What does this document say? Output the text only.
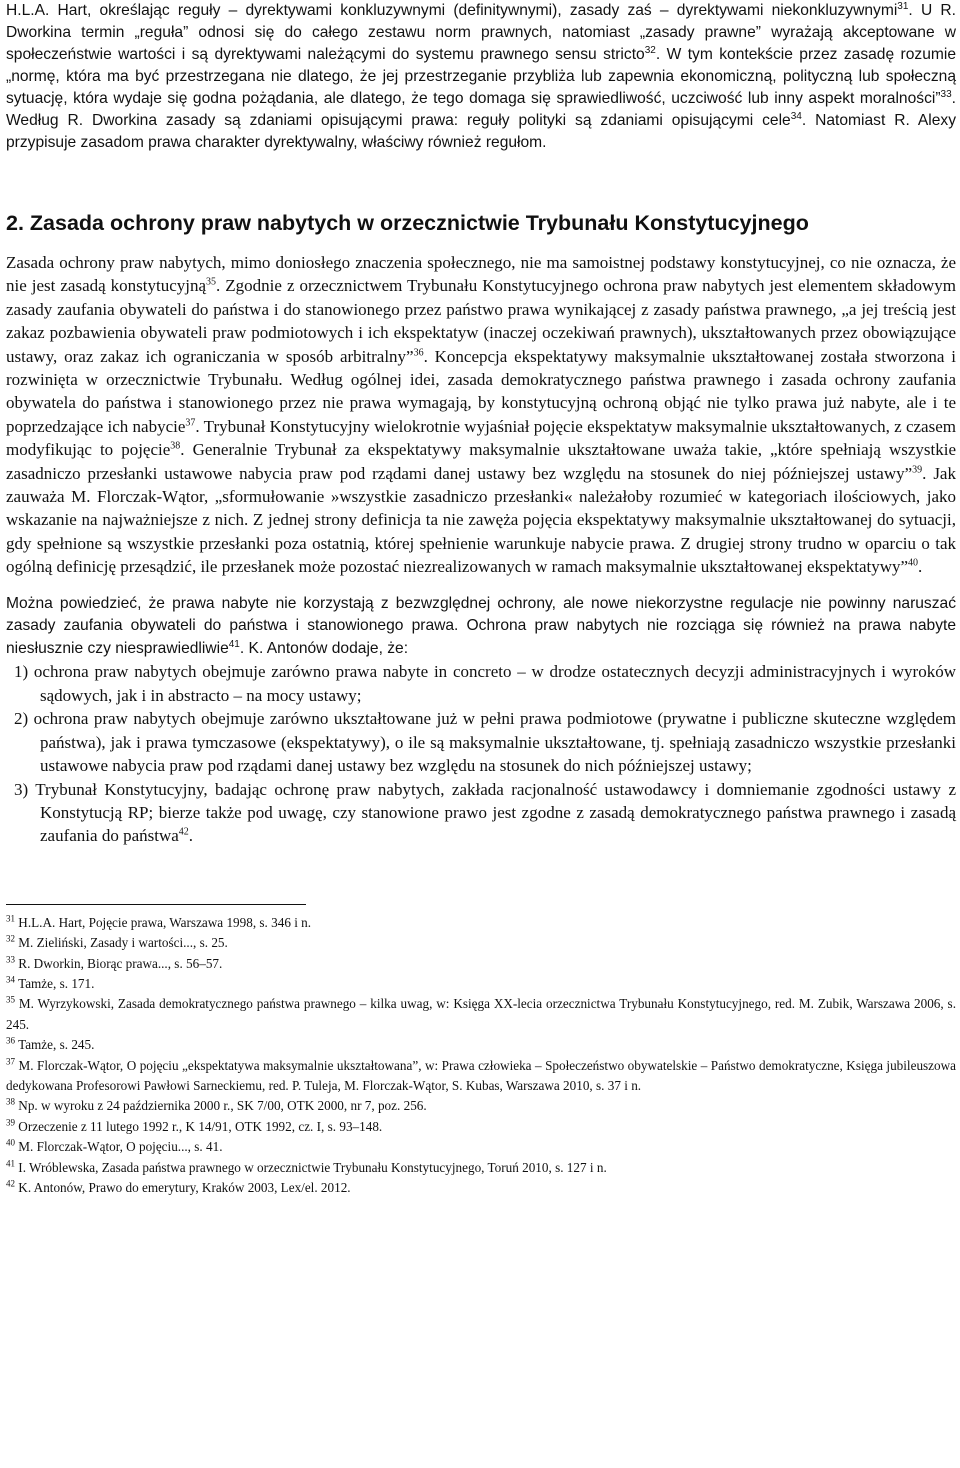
H.L.A. Hart, określając reguły – dyrektywami konkluzywnymi (definitywnymi), zasady zaś – dyrektywami niekonkluzywnymi$^{31}$. U R. Dworkina termin „reguła” odnosi się do całego zestawu norm prawnych, natomiast „zasady prawne” wyrażają akceptowane w społeczeństwie wartości i są dyrektywami należącymi do systemu prawnego sensu stricto$^{32}$. W tym kontekście przez zasadę rozumie „normę, która ma być przestrzegana nie dlatego, że jej przestrzeganie przybliża lub zapewnia ekonomiczną, polityczną lub społeczną sytuację, która wydaje się godna pożądania, ale dlatego, że tego domaga się sprawiedliwość, uczciwość lub inny aspekt moralności”$^{33}$. Według R. Dworkina zasady są zdaniami opisującymi prawa: reguły polityki są zdaniami opisującymi cele$^{34}$. Natomiast R. Alexy przypisuje zasadom prawa charakter dyrektywalny, właściwy również regułom.

2. Zasada ochrony praw nabytych w orzecznictwie Trybunału Konstytucyjnego

Zasada ochrony praw nabytych, mimo doniosłego znaczenia społecznego, nie ma samoistnej podstawy konstytucyjnej, co nie oznacza, że nie jest zasadą konstytucyjną$^{35}$. Zgodnie z orzecznictwem Trybunału Konstytucyjnego ochrona praw nabytych jest elementem składowym zasady zaufania obywateli do państwa i do stanowionego przez państwo prawa wynikającej z zasady państwa prawnego, „a jej treścią jest zakaz pozbawienia obywateli praw podmiotowych i ich ekspektatyw (inaczej oczekiwań prawnych), ukształtowanych przez obowiązujące ustawy, oraz zakaz ich ograniczania w sposób arbitralny”$^{36}$. Koncepcja ekspektatywy maksymalnie ukształtowanej została stworzona i rozwinięta w orzecznictwie Trybunału. Według ogólnej idei, zasada demokratycznego państwa prawnego i zasada ochrony zaufania obywatela do państwa i stanowionego przez nie prawa wymagają, by konstytucyjną ochroną objąć nie tylko prawa już nabyte, ale i te poprzedzające ich nabycie$^{37}$. Trybunał Konstytucyjny wielokrotnie wyjaśniał pojęcie ekspektatyw maksymalnie ukształtowanych, z czasem modyfikując to pojęcie$^{38}$. Generalnie Trybunał za ekspektatywy maksymalnie ukształtowane uważa takie, „które spełniają wszystkie zasadniczo przesłanki ustawowe nabycia praw pod rządami danej ustawy bez względu na stosunek do niej późniejszej ustawy”$^{39}$. Jak zauważa M. Florczak-Wątor, „sformułowanie »wszystkie zasadniczo przesłanki« należałoby rozumieć w kategoriach ilościowych, jako wskazanie na najważniejsze z nich. Z jednej strony definicja ta nie zawęża pojęcia ekspektatywy maksymalnie ukształtowanej do sytuacji, gdy spełnione są wszystkie przesłanki poza ostatnią, której spełnienie warunkuje nabycie prawa. Z drugiej strony trudno w oparciu o tak ogólną definicję przesądzić, ile przesłanek może pozostać niezrealizowanych w ramach maksymalnie ukształtowanej ekspektatywy”$^{40}$.

Można powiedzieć, że prawa nabyte nie korzystają z bezwzględnej ochrony, ale nowe niekorzystne regulacje nie powinny naruszać zasady zaufania obywateli do państwa i stanowionego prawa. Ochrona praw nabytych nie rozciąga się również na prawa nabyte niesłusznie czy niesprawiedliwie$^{41}$. K. Antonów dodaje, że:

1) ochrona praw nabytych obejmuje zarówno prawa nabyte in concreto – w drodze ostatecznych decyzji administracyjnych i wyroków sądowych, jak i in abstracto – na mocy ustawy;
2) ochrona praw nabytych obejmuje zarówno ukształtowane już w pełni prawa podmiotowe (prywatne i publiczne skuteczne względem państwa), jak i prawa tymczasowe (ekspektatywy), o ile są maksymalnie ukształtowane, tj. spełniają zasadniczo wszystkie przesłanki ustawowe nabycia praw pod rządami danej ustawy bez względu na stosunek do nich późniejszej ustawy;
3) Trybunał Konstytucyjny, badając ochronę praw nabytych, zakłada racjonalność ustawodawcy i domniemanie zgodności ustawy z Konstytucją RP; bierze także pod uwagę, czy stanowione prawo jest zgodne z zasadą demokratycznego państwa prawnego i zasadą zaufania do państwa$^{42}$.

$^{31}$ H.L.A. Hart, Pojęcie prawa, Warszawa 1998, s. 346 i n.

$^{32}$ M. Zieliński, Zasady i wartości..., s. 25.

$^{33}$ R. Dworkin, Biorąc prawa..., s. 56–57.

$^{34}$ Tamże, s. 171.

$^{35}$ M. Wyrzykowski, Zasada demokratycznego państwa prawnego – kilka uwag, w: Księga XX-lecia orzecznictwa Trybunału Konstytucyjnego, red. M. Zubik, Warszawa 2006, s. 245.

$^{36}$ Tamże, s. 245.

$^{37}$ M. Florczak-Wątor, O pojęciu „ekspektatywa maksymalnie ukształtowana”, w: Prawa człowieka – Społeczeństwo obywatelskie – Państwo demokratyczne, Księga jubileuszowa dedykowana Profesorowi Pawłowi Sarneckiemu, red. P. Tuleja, M. Florczak-Wątor, S. Kubas, Warszawa 2010, s. 37 i n.

$^{38}$ Np. w wyroku z 24 października 2000 r., SK 7/00, OTK 2000, nr 7, poz. 256.

$^{39}$ Orzeczenie z 11 lutego 1992 r., K 14/91, OTK 1992, cz. I, s. 93–148.

$^{40}$ M. Florczak-Wątor, O pojęciu..., s. 41.

$^{41}$ I. Wróblewska, Zasada państwa prawnego w orzecznictwie Trybunału Konstytucyjnego, Toruń 2010, s. 127 i n.

$^{42}$ K. Antonów, Prawo do emerytury, Kraków 2003, Lex/el. 2012.
